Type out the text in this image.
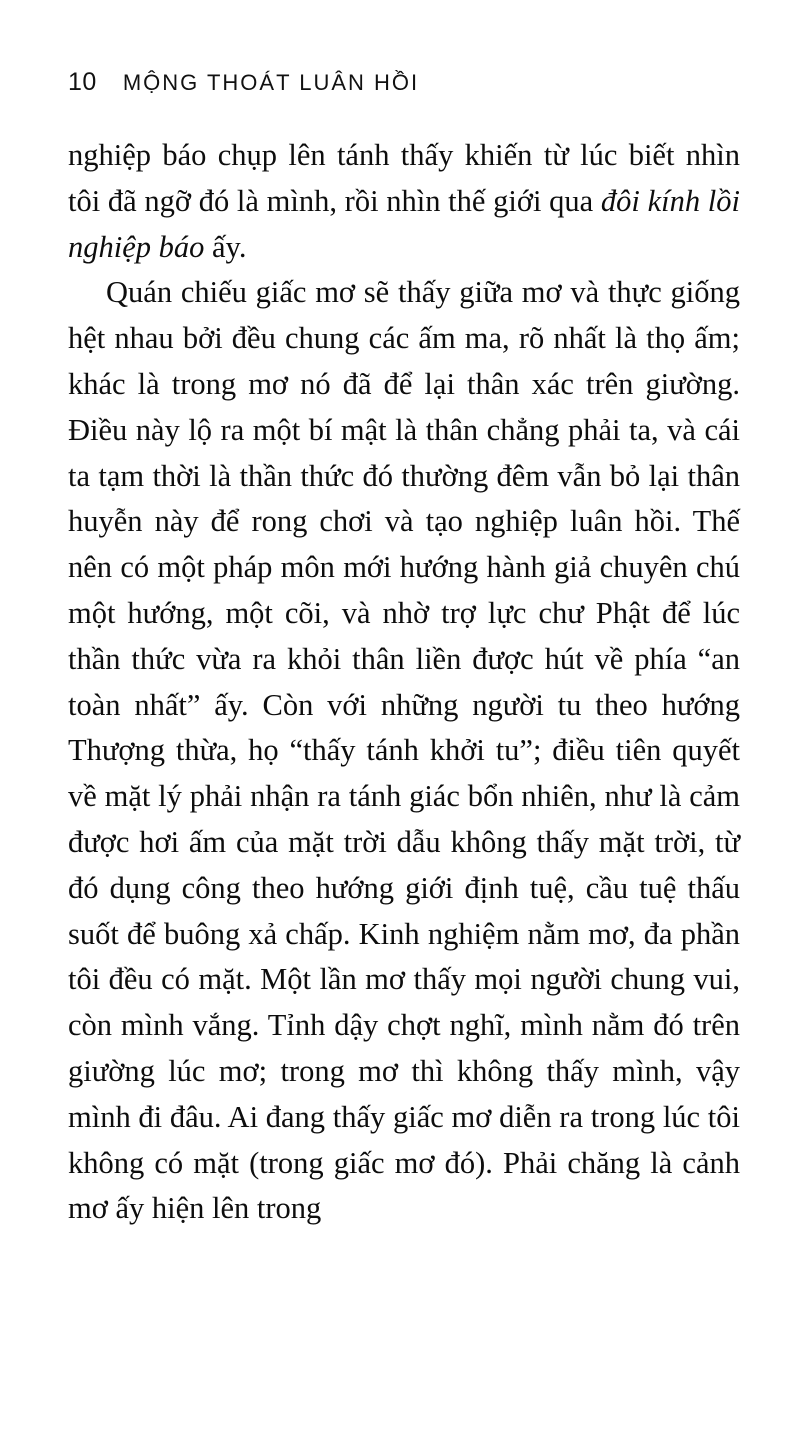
10 MỘNG THOÁT LUÂN HỒI

nghiệp báo chụp lên tánh thấy khiến từ lúc biết nhìn tôi đã ngỡ đó là mình, rồi nhìn thế giới qua đôi kính lồi nghiệp báo ấy.

Quán chiếu giấc mơ sẽ thấy giữa mơ và thực giống hệt nhau bởi đều chung các ấm ma, rõ nhất là thọ ấm; khác là trong mơ nó đã để lại thân xác trên giường. Điều này lộ ra một bí mật là thân chẳng phải ta, và cái ta tạm thời là thần thức đó thường đêm vẫn bỏ lại thân huyễn này để rong chơi và tạo nghiệp luân hồi. Thế nên có một pháp môn mới hướng hành giả chuyên chú một hướng, một cõi, và nhờ trợ lực chư Phật để lúc thần thức vừa ra khỏi thân liền được hút về phía “an toàn nhất” ấy. Còn với những người tu theo hướng Thượng thừa, họ “thấy tánh khởi tu”; điều tiên quyết về mặt lý phải nhận ra tánh giác bổn nhiên, như là cảm được hơi ấm của mặt trời dẫu không thấy mặt trời, từ đó dụng công theo hướng giới định tuệ, cầu tuệ thấu suốt để buông xả chấp. Kinh nghiệm nằm mơ, đa phần tôi đều có mặt. Một lần mơ thấy mọi người chung vui, còn mình vắng. Tỉnh dậy chợt nghĩ, mình nằm đó trên giường lúc mơ; trong mơ thì không thấy mình, vậy mình đi đâu. Ai đang thấy giấc mơ diễn ra trong lúc tôi không có mặt (trong giấc mơ đó). Phải chăng là cảnh mơ ấy hiện lên trong
